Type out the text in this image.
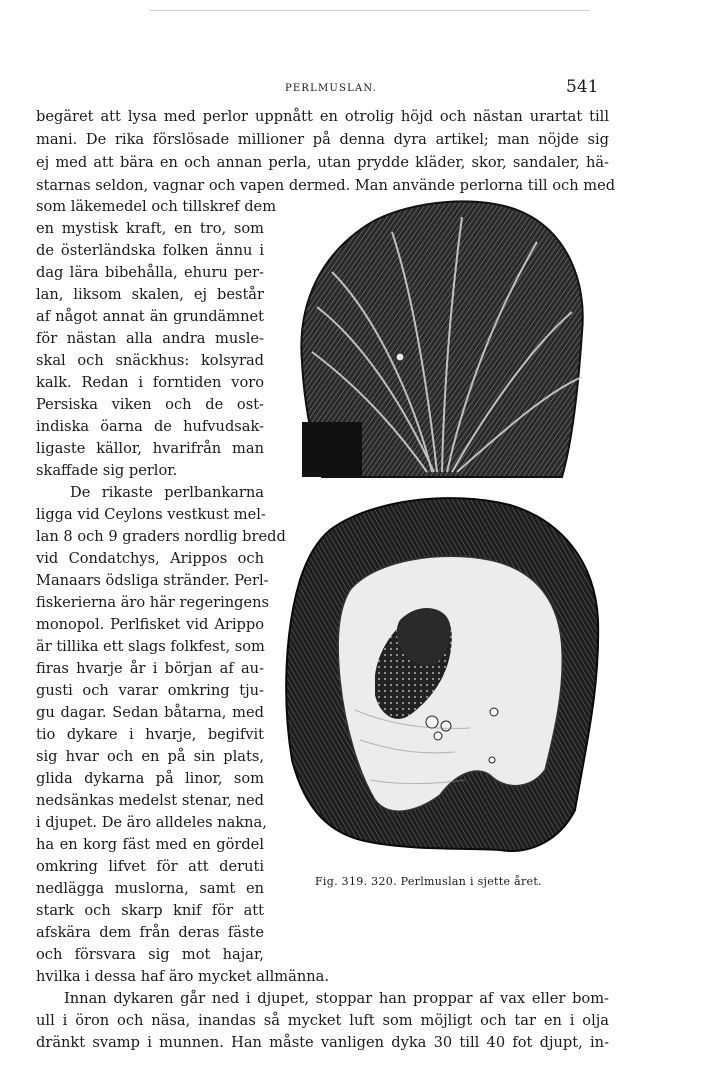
PERLMUSLAN.	541
begäret att lysa med perlor uppnått en otrolig höjd och nästan urartat till
mani. De rika förslösade millioner på denna dyra artikel; man nöjde sig
ej med att bära en och annan perla, utan prydde kläder, skor, sandaler, hä-
starnas seldon, vagnar och vapen dermed. Man använde perlorna till och med
som läkemedel och tillskref dem
en mystisk kraft, en tro, som
de österländska folken ännu i
dag lära bibehålla, ehuru per-
lan, liksom skalen, ej består
af något annat än grundämnet
för nästan alla andra musle-
skal och snäckhus: kolsyrad
kalk. Redan i forntiden voro
Persiska viken och de ost-
indiska öarna de hufvudsak-
ligaste källor, hvarifrån man
skaffade sig perlor.
De rikaste perlbankarna
ligga vid Ceylons vestkust mel-
lan 8 och 9 graders nordlig bredd
vid Condatchys, Arippos och
Manaars ödsliga stränder. Perl-
fiskerierna äro här regeringens
monopol. Perlfisket vid Arippo
är tillika ett slags folkfest, som
firas hvarje år i början af au-
gusti och varar omkring tju-
gu dagar. Sedan båtarna, med
tio dykare i hvarje, begifvit
sig hvar och en på sin plats,
glida dykarna på linor, som
nedsänkas medelst stenar, ned
i djupet. De äro alldeles nakna,
ha en korg fäst med en gördel
omkring lifvet för att deruti
nedlägga muslorna, samt en
stark och skarp knif för att
afskära dem från deras fäste
och försvara sig mot hajar,
hvilka i dessa haf äro mycket allmänna.
Innan dykaren går ned i djupet, stoppar han proppar af vax eller bom-
ull i öron och näsa, inandas så mycket luft som möjligt och tar en i olja
dränkt svamp i munnen. Han måste vanligen dyka 30 till 40 fot djupt, in-
Fig. 319. 320. Perlmuslan i sjette året.
